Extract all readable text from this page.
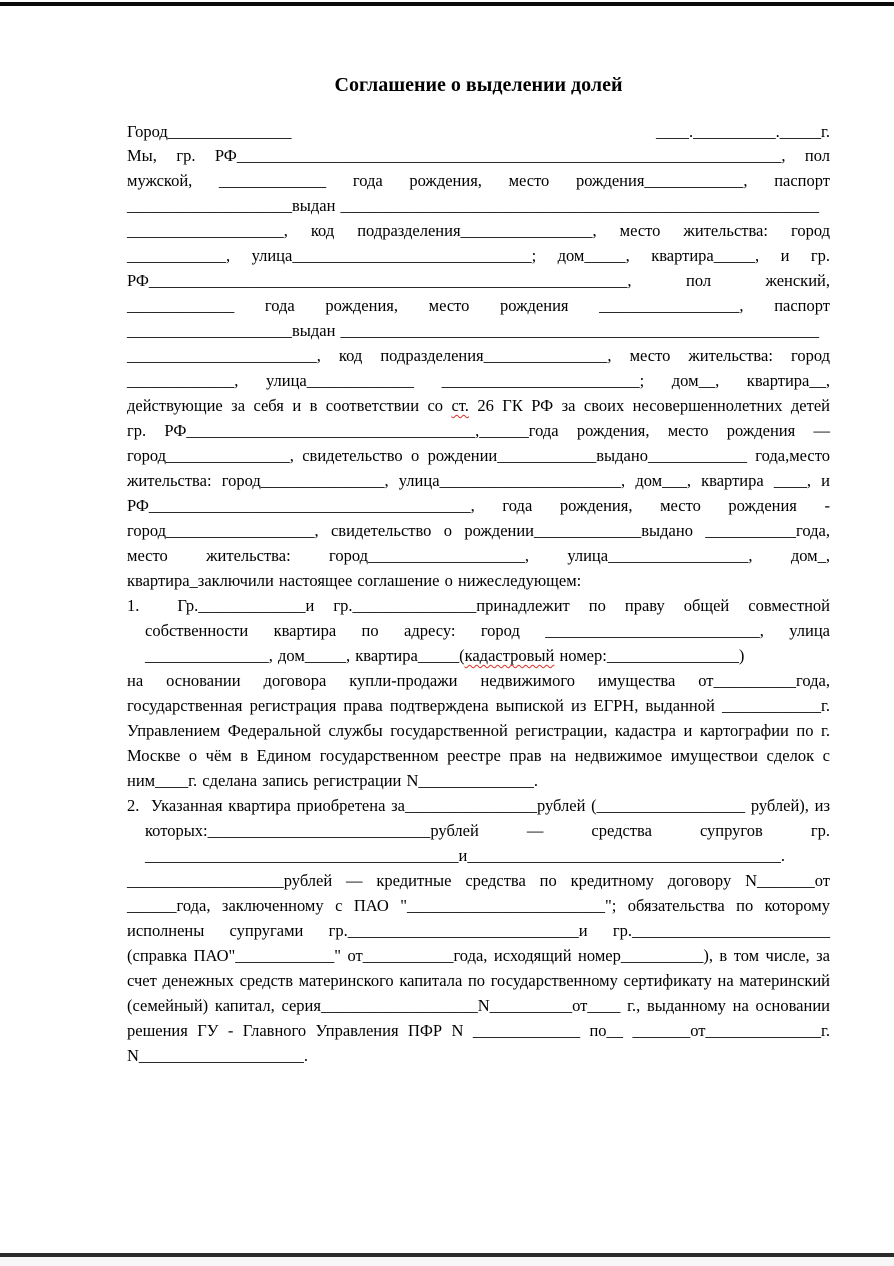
Соглашение о выделении долей
Город_______________	____.__________._____г.

Мы, гр. РФ__________________________________________________________________, пол мужской, _____________ года рождения, место рождения____________, паспорт ____________________выдан __________________________________________________________

___________________, код подразделения________________, место жительства: город ____________, улица_____________________________; дом_____, квартира_____, и гр. РФ__________________________________________________________, пол женский, _____________ года рождения, место рождения _________________, паспорт ____________________выдан __________________________________________________________

_______________________, код подразделения_______________, место жительства: город _____________, улица_____________ ________________________; дом__, квартира__, действующие за себя и в соответствии со ст. 26 ГК РФ за своих несовершеннолетних детей гр. РФ___________________________________,______года рождения, место рождения —город_______________, свидетельство о рождении____________выдано____________ года,место жительства: город_______________, улица______________________, дом___, квартира ____, и РФ_______________________________________, года рождения, место рождения - город__________________, свидетельство о рождении_____________выдано ___________года, место жительства: город___________________, улица_________________, дом_, квартира_заключили настоящее соглашение о нижеследующем:

1.  Гр._____________и гр._______________принадлежит по праву общей совместной собственности квартира по адресу: город __________________________, улица _______________, дом_____, квартира_____(кадастровый номер:________________)

на основании договора купли-продажи недвижимого имущества от__________года, государственная регистрация права подтверждена выпиской из ЕГРН, выданной ____________г. Управлением Федеральной службы государственной регистрации, кадастра и картографии по г. Москве о чём в Едином государственном реестре прав на недвижимое имуществои сделок с ним____г. сделана запись регистрации N______________.

2.  Указанная квартира приобретена за________________рублей (__________________ рублей), из которых:___________________________рублей — средства супругов гр. ______________________________________и______________________________________.

___________________рублей — кредитные средства по кредитному договору N_______от ______года, заключенному с ПАО "________________________"; обязательства по которому исполнены супругами гр.____________________________и гр.________________________ (справка ПАО"____________" от___________года, исходящий номер__________), в том числе, за счет денежных средств материнского капитала по государственному сертификату на материнский (семейный) капитал, серия___________________N__________от____ г., выданному на основании решения ГУ - Главного Управления ПФР N _____________ по__ _______от______________г. N____________________.
